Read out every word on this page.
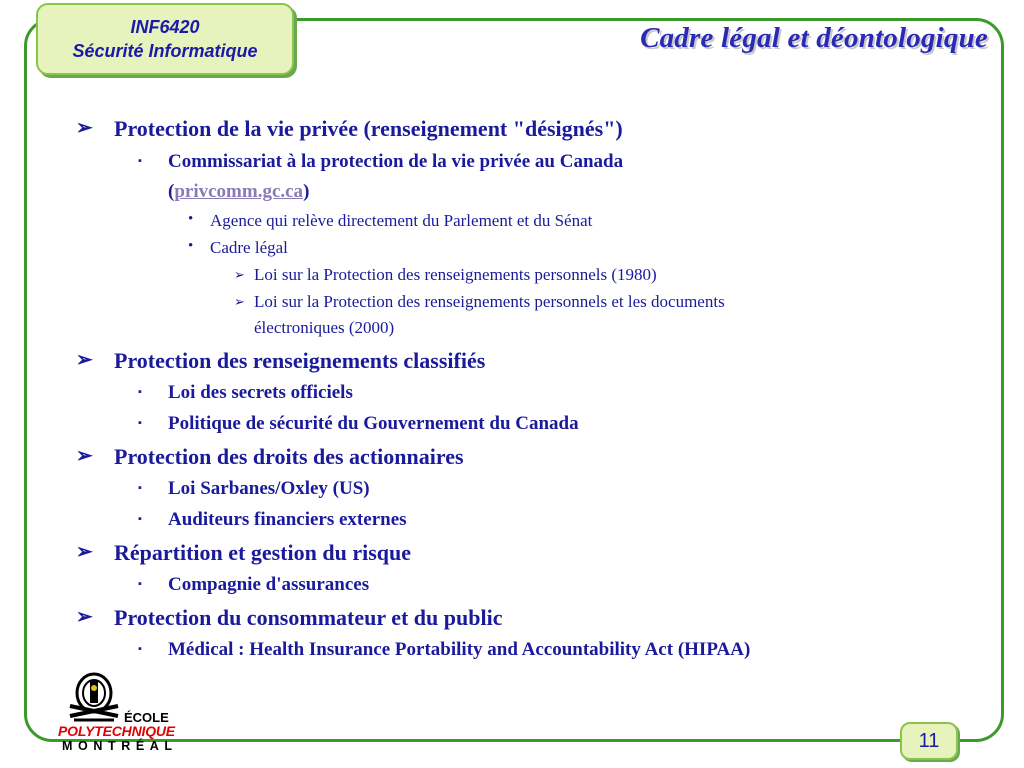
INF6420
Sécurité Informatique	Cadre légal et déontologique
➢ Protection de la vie privée (renseignement "désignés")
▪ Commissariat à la protection de la vie privée au Canada
(privcomm.gc.ca)
• Agence qui relève directement du Parlement et du Sénat
• Cadre légal
➢ Loi sur la Protection des renseignements personnels (1980)
➢ Loi sur la Protection des renseignements personnels et les documents
électroniques (2000)
➢ Protection des renseignements classifiés
▪ Loi des secrets officiels
▪ Politique de sécurité du Gouvernement du Canada
➢ Protection des droits des actionnaires
▪ Loi Sarbanes/Oxley (US)
▪ Auditeurs financiers externes
➢ Répartition et gestion du risque
▪ Compagnie d'assurances
➢ Protection du consommateur et du public
▪ Médical : Health Insurance Portability and Accountability Act (HIPAA)
ÉCOLE
POLYTECHNIQUE
MONTRÉAL	11
